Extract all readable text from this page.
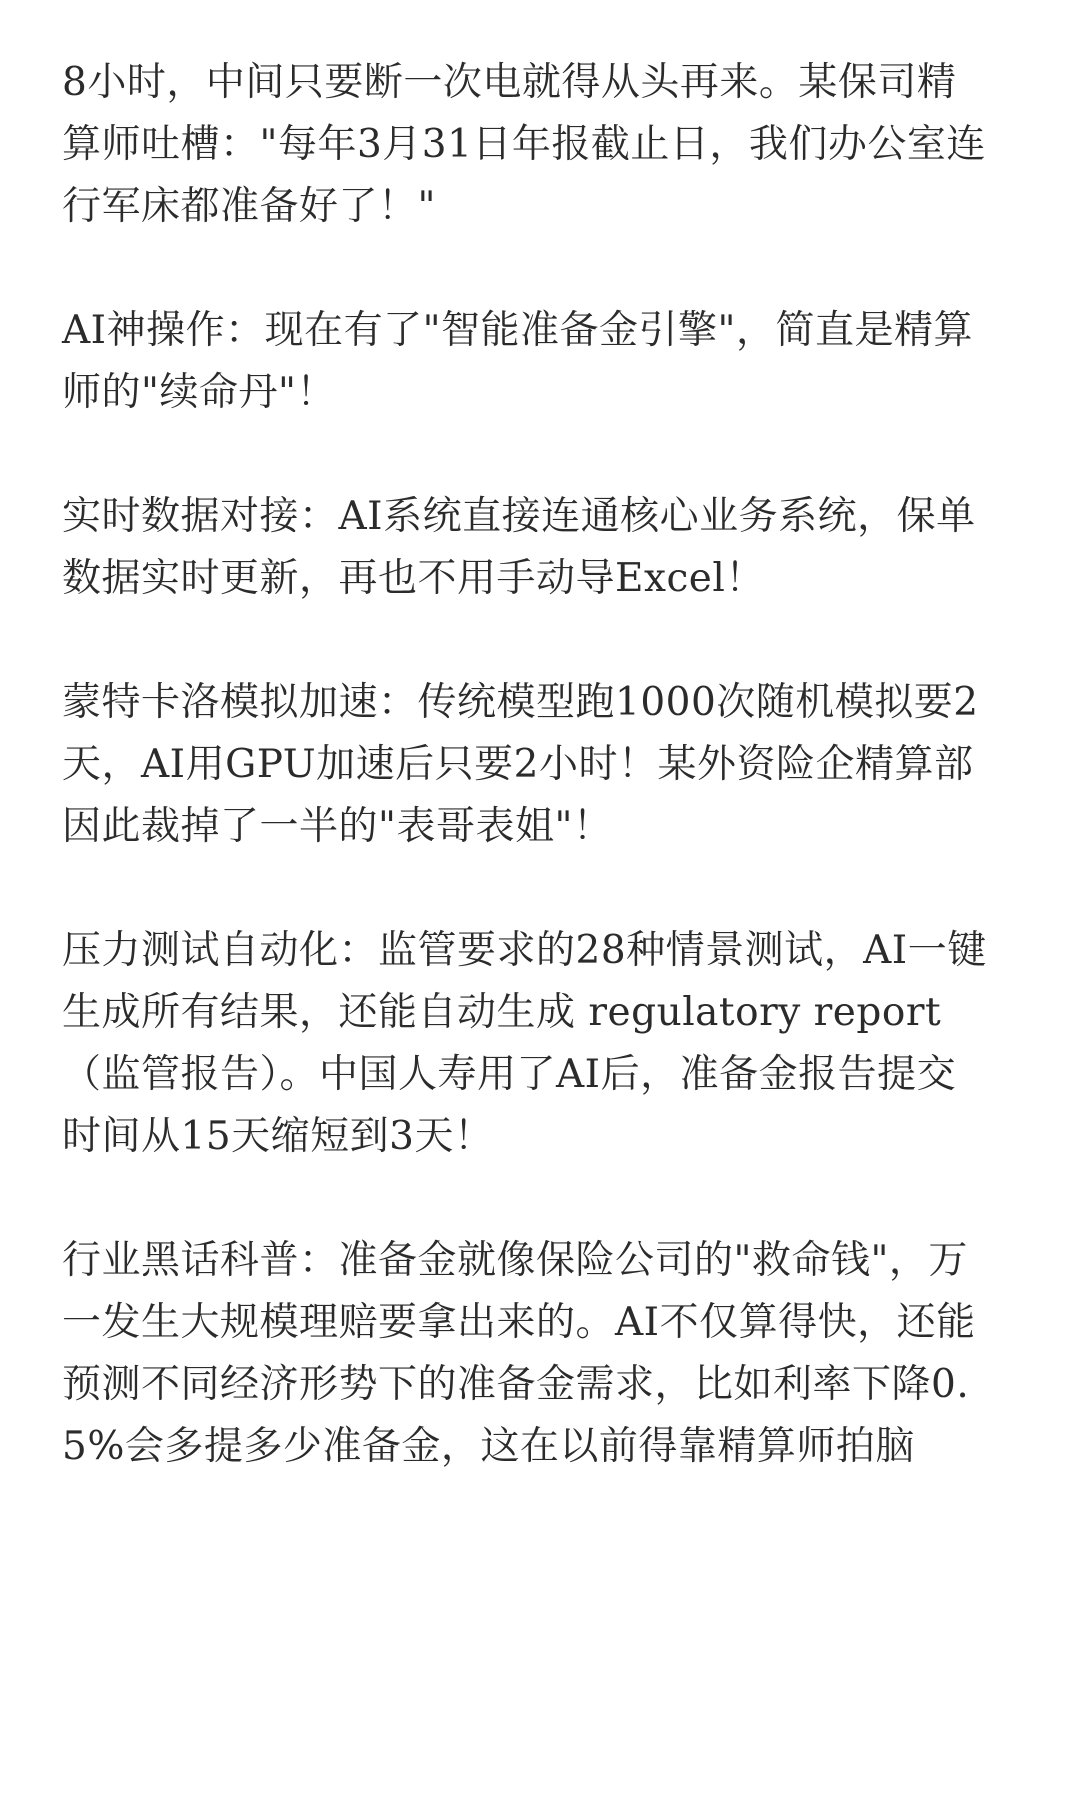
8小时，中间只要断一次电就得从头再来。某保司精
算师吐槽："每年3月31日年报截止日，我们办公室连
行军床都准备好了！"
AI神操作：现在有了"智能准备金引擎"，简直是精算
师的"续命丹"！
实时数据对接：AI系统直接连通核心业务系统，保单
数据实时更新，再也不用手动导Excel！
蒙特卡洛模拟加速：传统模型跑1000次随机模拟要2
天，AI用GPU加速后只要2小时！某外资险企精算部
因此裁掉了一半的"表哥表姐"！
压力测试自动化：监管要求的28种情景测试，AI一键
生成所有结果，还能自动生成 regulatory report
（监管报告）。中国人寿用了AI后，准备金报告提交
时间从15天缩短到3天！
行业黑话科普：准备金就像保险公司的"救命钱"，万
一发生大规模理赔要拿出来的。AI不仅算得快，还能
预测不同经济形势下的准备金需求，比如利率下降0.
5%会多提多少准备金，这在以前得靠精算师拍脑
